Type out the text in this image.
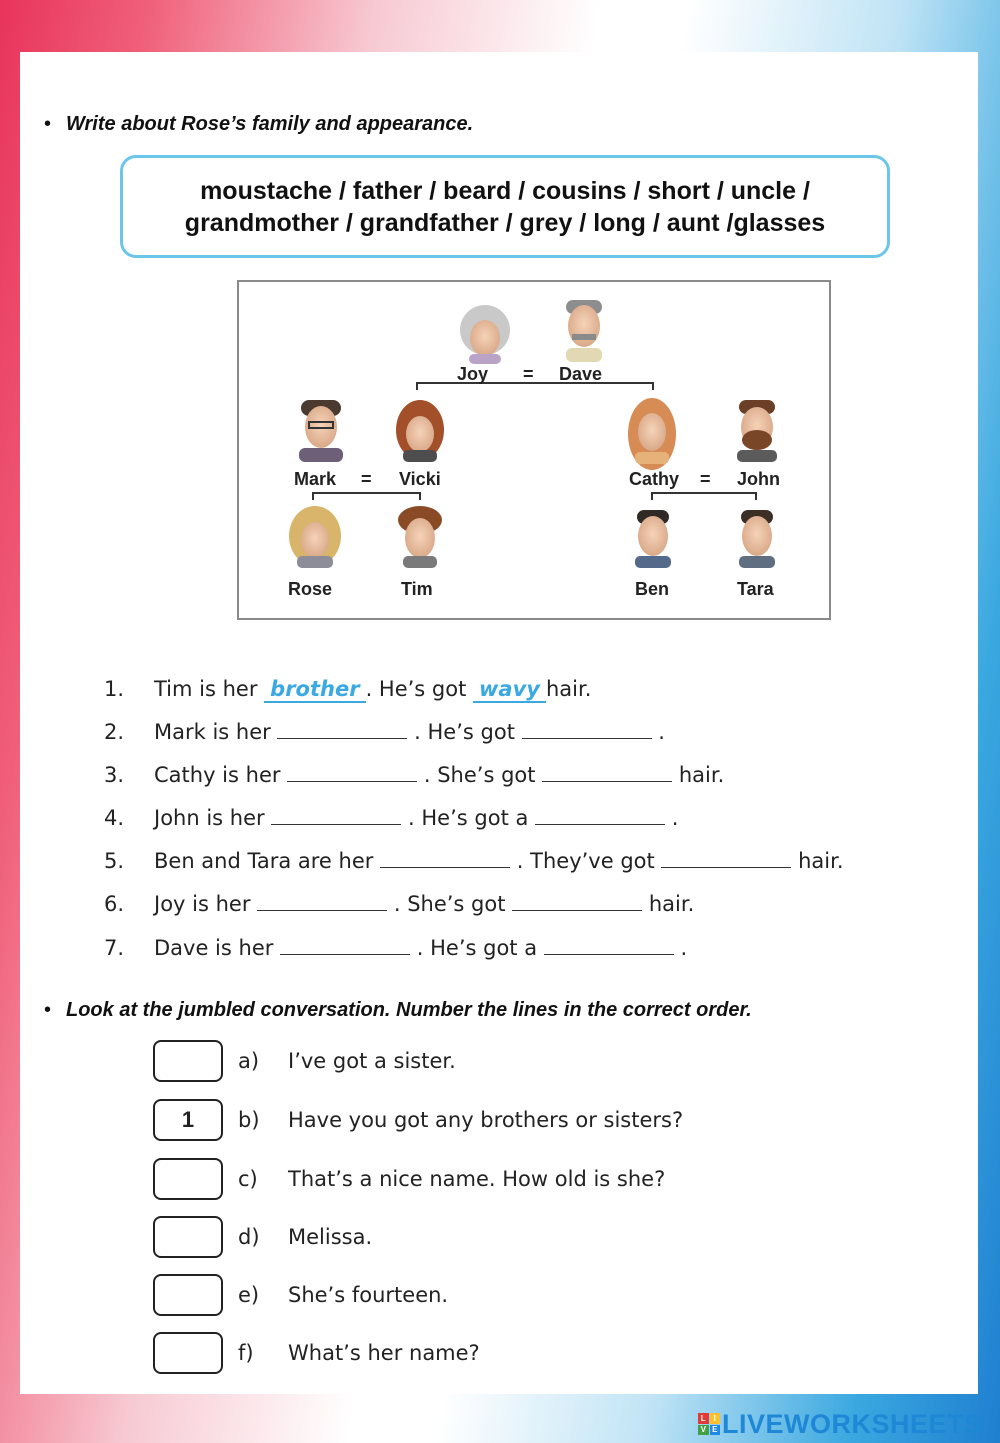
• Write about Rose’s family and appearance.
moustache / father / beard / cousins / short / uncle /
grandmother / grandfather / grey / long / aunt /glasses
Joy = Dave
Mark = Vicki	Cathy = John
Rose	Tim	Ben	Tara
1. Tim is her brother . He’s got wavy hair.
2. Mark is her	. He’s got	.
3. Cathy is her	. She’s got	hair.
4. John is her	. He’s got a	.
5. Ben and Tara are her	. They’ve got	hair.
6. Joy is her	. She’s got	hair.
7. Dave is her	. He’s got a	.
• Look at the jumbled conversation. Number the lines in the correct order.
a)	I’ve got a sister.
1	b)	Have you got any brothers or sisters?
c)	That’s a nice name. How old is she?
d)	Melissa.
e)	She’s fourteen.
f)	What’s her name?
L I
V E LIVEWORKSHEETS
